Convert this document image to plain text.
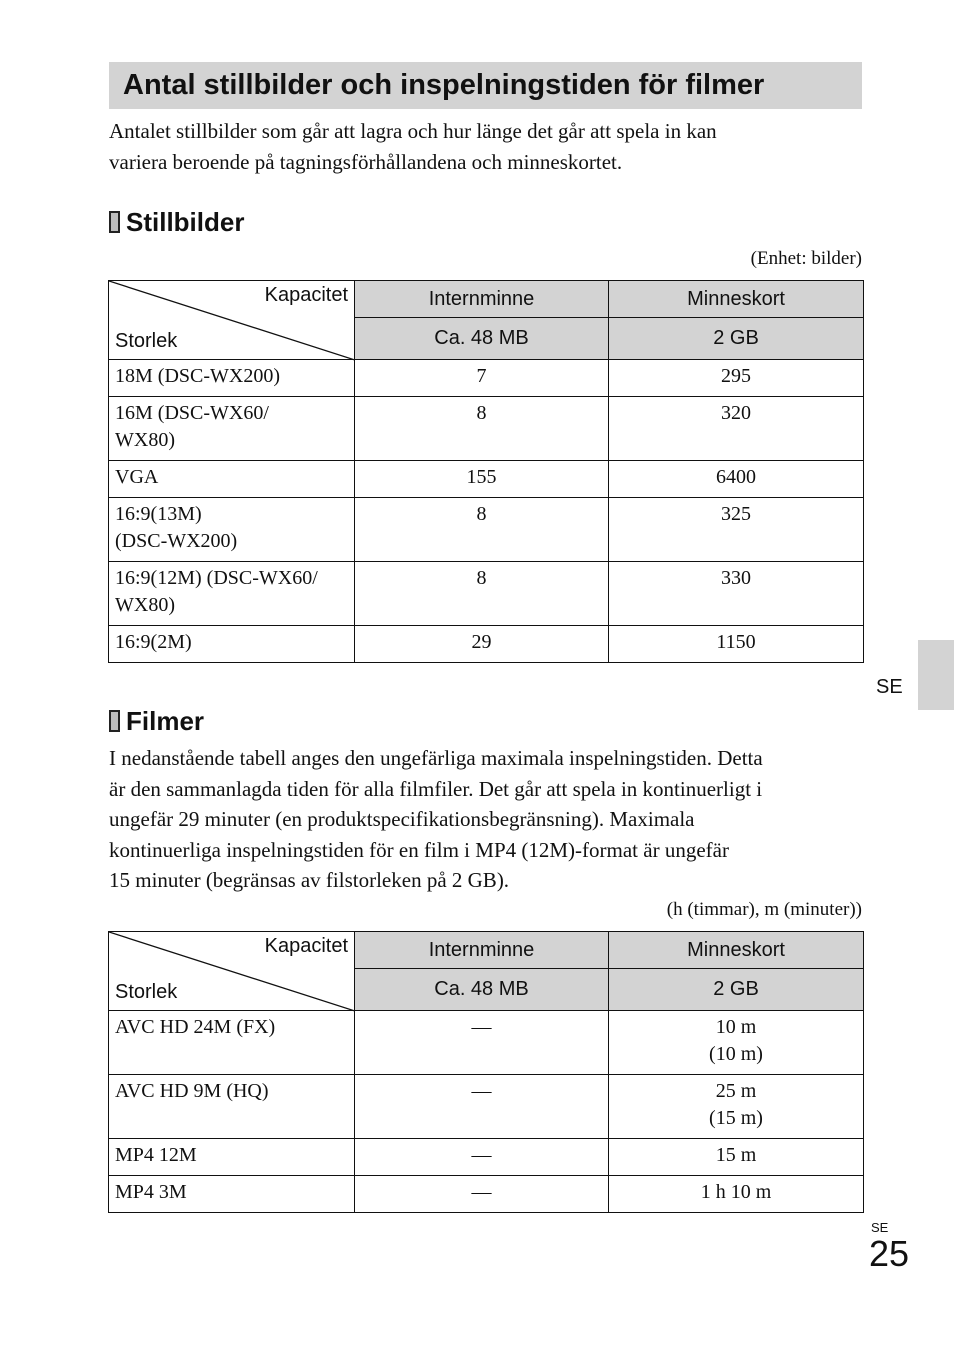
Antal stillbilder och inspelningstiden för filmer

Antalet stillbilder som går att lagra och hur länge det går att spela in kan
variera beroende på tagningsförhållandena och minneskortet.

Stillbilder
(Enhet: bilder)
Kapacitet
Storlek	Internminne	Minneskort
	Ca. 48 MB	2 GB
18M (DSC-WX200)	7	295
16M (DSC-WX60/
WX80)	8	320
VGA	155	6400
16:9(13M)
(DSC-WX200)	8	325
16:9(12M) (DSC-WX60/
WX80)	8	330
16:9(2M)	29	1150
SE
Filmer

I nedanstående tabell anges den ungefärliga maximala inspelningstiden. Detta
är den sammanlagda tiden för alla filmfiler. Det går att spela in kontinuerligt i
ungefär 29 minuter (en produktspecifikationsbegränsning). Maximala
kontinuerliga inspelningstiden för en film i MP4 (12M)-format är ungefär
15 minuter (begränsas av filstorleken på 2 GB).

(h (timmar), m (minuter))
Kapacitet
Storlek	Internminne	Minneskort
	Ca. 48 MB	2 GB
AVC HD 24M (FX)	—	10 m
(10 m)
AVC HD 9M (HQ)	—	25 m
(15 m)
MP4 12M	—	15 m
MP4 3M	—	1 h 10 m
SE
25
